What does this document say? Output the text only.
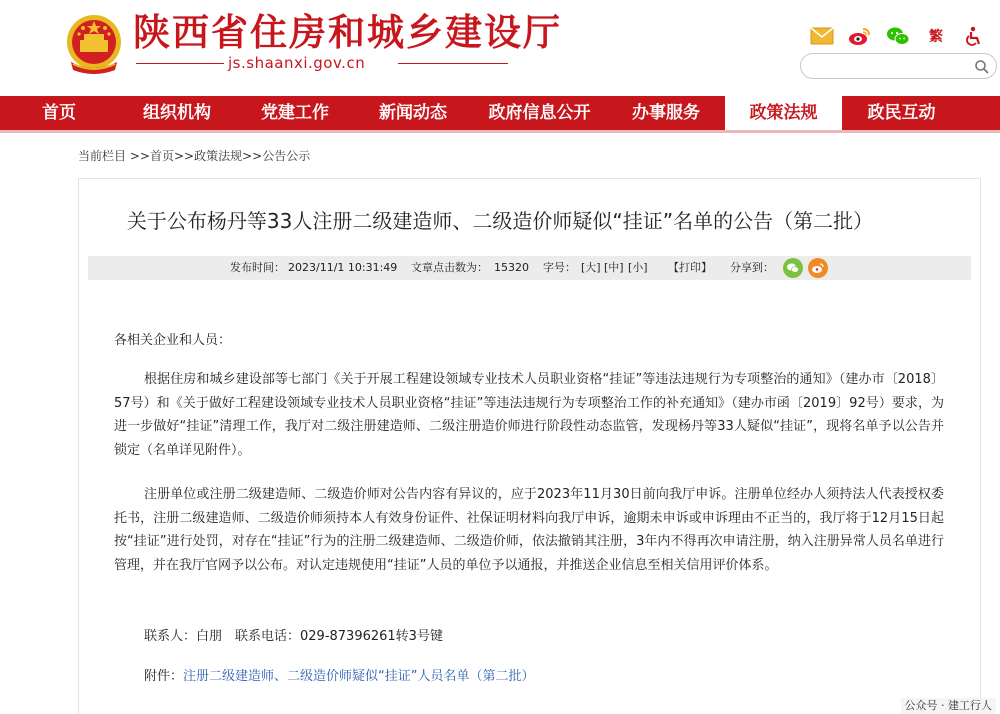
陕西省住房和城乡建设厅
js.shaanxi.gov.cn
繁
首页	组织机构	党建工作	新闻动态	政府信息公开	办事服务	政策法规	政民互动
当前栏目 >>首页>>政策法规>>公告公示
关于公布杨丹等33人注册二级建造师、二级造价师疑似“挂证”名单的公告（第二批）
发布时间： 2023/11/1 10:31:49 文章点击数为： 15320 字号： [大] [中] [小] 【打印】 分享到：
各相关企业和人员：
根据住房和城乡建设部等七部门《关于开展工程建设领域专业技术人员职业资格“挂证”等违法违规行为专项整治的通知》（建办市〔2018〕57号）和《关于做好工程建设领域专业技术人员职业资格“挂证”等违法违规行为专项整治工作的补充通知》（建办市函〔2019〕92号）要求，为进一步做好“挂证”清理工作，我厅对二级注册建造师、二级注册造价师进行阶段性动态监管，发现杨丹等33人疑似“挂证”，现将名单予以公告并锁定（名单详见附件）。
注册单位或注册二级建造师、二级造价师对公告内容有异议的，应于2023年11月30日前向我厅申诉。注册单位经办人须持法人代表授权委托书，注册二级建造师、二级造价师须持本人有效身份证件、社保证明材料向我厅申诉，逾期未申诉或申诉理由不正当的，我厅将于12月15日起按“挂证”进行处罚，对存在“挂证”行为的注册二级建造师、二级造价师，依法撤销其注册，3年内不得再次申请注册，纳入注册异常人员名单进行管理，并在我厅官网予以公布。对认定违规使用“挂证”人员的单位予以通报，并推送企业信息至相关信用评价体系。
联系人：白朋　联系电话：029-87396261转3号键
附件：注册二级建造师、二级造价师疑似“挂证”人员名单（第二批）
公众号 · 建工行人
